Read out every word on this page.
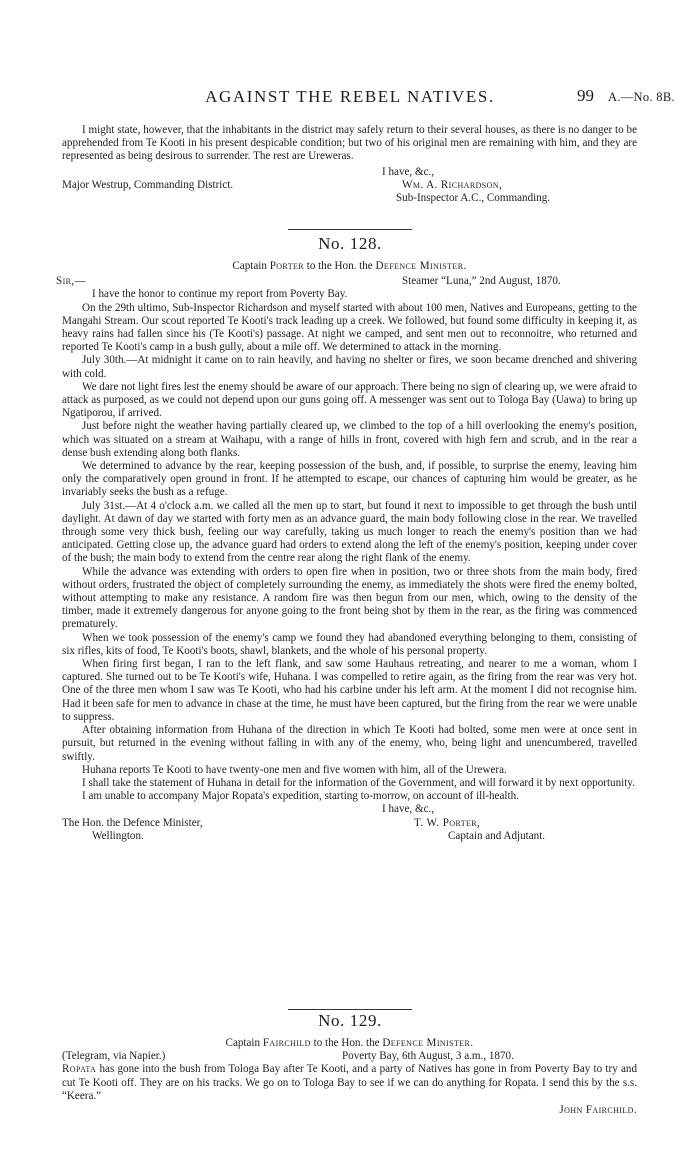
AGAINST THE REBEL NATIVES.	99 A.—No. 8B.

I might state, however, that the inhabitants in the district may safely return to their several houses, as there is no danger to be apprehended from Te Kooti in his present despicable condition; but two of his original men are remaining with him, and they are represented as being desirous to surrender. The rest are Ureweras.

I have, &c.,
Major Westrup, Commanding District.	Wm. A. Richardson,
Sub-Inspector A.C., Commanding.
No. 128.
Captain Porter to the Hon. the Defence Minister.
Sir,—	Steamer “Luna,” 2nd August, 1870.

I have the honor to continue my report from Poverty Bay.

On the 29th ultimo, Sub-Inspector Richardson and myself started with about 100 men, Natives and Europeans, getting to the Mangahi Stream. Our scout reported Te Kooti's track leading up a creek. We followed, but found some difficulty in keeping it, as heavy rains had fallen since his (Te Kooti's) passage. At night we camped, and sent men out to reconnoitre, who returned and reported Te Kooti's camp in a bush gully, about a mile off. We determined to attack in the morning.

July 30th.—At midnight it came on to rain heavily, and having no shelter or fires, we soon became drenched and shivering with cold.

We dare not light fires lest the enemy should be aware of our approach. There being no sign of clearing up, we were afraid to attack as purposed, as we could not depend upon our guns going off. A messenger was sent out to Tologa Bay (Uawa) to bring up Ngatiporou, if arrived.

Just before night the weather having partially cleared up, we climbed to the top of a hill overlooking the enemy's position, which was situated on a stream at Waihapu, with a range of hills in front, covered with high fern and scrub, and in the rear a dense bush extending along both flanks.

We determined to advance by the rear, keeping possession of the bush, and, if possible, to surprise the enemy, leaving him only the comparatively open ground in front. If he attempted to escape, our chances of capturing him would be greater, as he invariably seeks the bush as a refuge.

July 31st.—At 4 o'clock a.m. we called all the men up to start, but found it next to impossible to get through the bush until daylight. At dawn of day we started with forty men as an advance guard, the main body following close in the rear. We travelled through some very thick bush, feeling our way carefully, taking us much longer to reach the enemy's position than we had anticipated. Getting close up, the advance guard had orders to extend along the left of the enemy's position, keeping under cover of the bush; the main body to extend from the centre rear along the right flank of the enemy.

While the advance was extending with orders to open fire when in position, two or three shots from the main body, fired without orders, frustrated the object of completely surrounding the enemy, as immediately the shots were fired the enemy bolted, without attempting to make any resistance. A random fire was then begun from our men, which, owing to the density of the timber, made it extremely dangerous for anyone going to the front being shot by them in the rear, as the firing was commenced prematurely.

When we took possession of the enemy's camp we found they had abandoned everything belonging to them, consisting of six rifles, kits of food, Te Kooti's boots, shawl, blankets, and the whole of his personal property.

When firing first began, I ran to the left flank, and saw some Hauhaus retreating, and nearer to me a woman, whom I captured. She turned out to be Te Kooti's wife, Huhana. I was compelled to retire again, as the firing from the rear was very hot. One of the three men whom I saw was Te Kooti, who had his carbine under his left arm. At the moment I did not recognise him. Had it been safe for men to advance in chase at the time, he must have been captured, but the firing from the rear we were unable to suppress.

After obtaining information from Huhana of the direction in which Te Kooti had bolted, some men were at once sent in pursuit, but returned in the evening without falling in with any of the enemy, who, being light and unencumbered, travelled swiftly.

Huhana reports Te Kooti to have twenty-one men and five women with him, all of the Urewera.

I shall take the statement of Huhana in detail for the information of the Government, and will forward it by next opportunity.

I am unable to accompany Major Ropata's expedition, starting to-morrow, on account of ill-health.

I have, &c.,
The Hon. the Defence Minister,	T. W. Porter,
Wellington.	Captain and Adjutant.
No. 129.
Captain Fairchild to the Hon. the Defence Minister.
(Telegram, via Napier.)	Poverty Bay, 6th August, 3 a.m., 1870.

Ropata has gone into the bush from Tologa Bay after Te Kooti, and a party of Natives has gone in from Poverty Bay to try and cut Te Kooti off. They are on his tracks. We go on to Tologa Bay to see if we can do anything for Ropata. I send this by the s.s. “Keera.”

John Fairchild.
